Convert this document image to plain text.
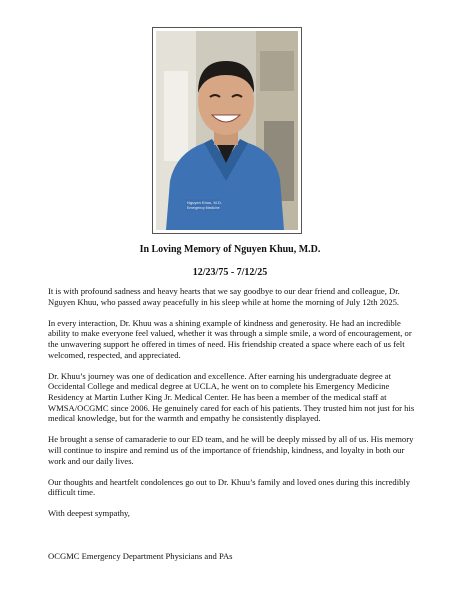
Nguyen Khuu, M.D.
Emergency Medicine
In Loving Memory of Nguyen Khuu, M.D.
12/23/75 - 7/12/25

It is with profound sadness and heavy hearts that we say goodbye to our dear friend and colleague, Dr. Nguyen Khuu, who passed away peacefully in his sleep while at home the morning of July 12th 2025.

In every interaction, Dr. Khuu was a shining example of kindness and generosity. He had an incredible ability to make everyone feel valued, whether it was through a simple smile, a word of encouragement, or the unwavering support he offered in times of need. His friendship created a space where each of us felt welcomed, respected, and appreciated.

Dr. Khuu’s journey was one of dedication and excellence. After earning his undergraduate degree at Occidental College and medical degree at UCLA, he went on to complete his Emergency Medicine Residency at Martin Luther King Jr. Medical Center. He has been a member of the medical staff at WMSA/OCGMC since 2006. He genuinely cared for each of his patients. They trusted him not just for his medical knowledge, but for the warmth and empathy he consistently displayed.

He brought a sense of camaraderie to our ED team, and he will be deeply missed by all of us. His memory will continue to inspire and remind us of the importance of friendship, kindness, and loyalty in both our work and our daily lives.

Our thoughts and heartfelt condolences go out to Dr. Khuu’s family and loved ones during this incredibly difficult time.

With deepest sympathy,

OCGMC Emergency Department Physicians and PAs
